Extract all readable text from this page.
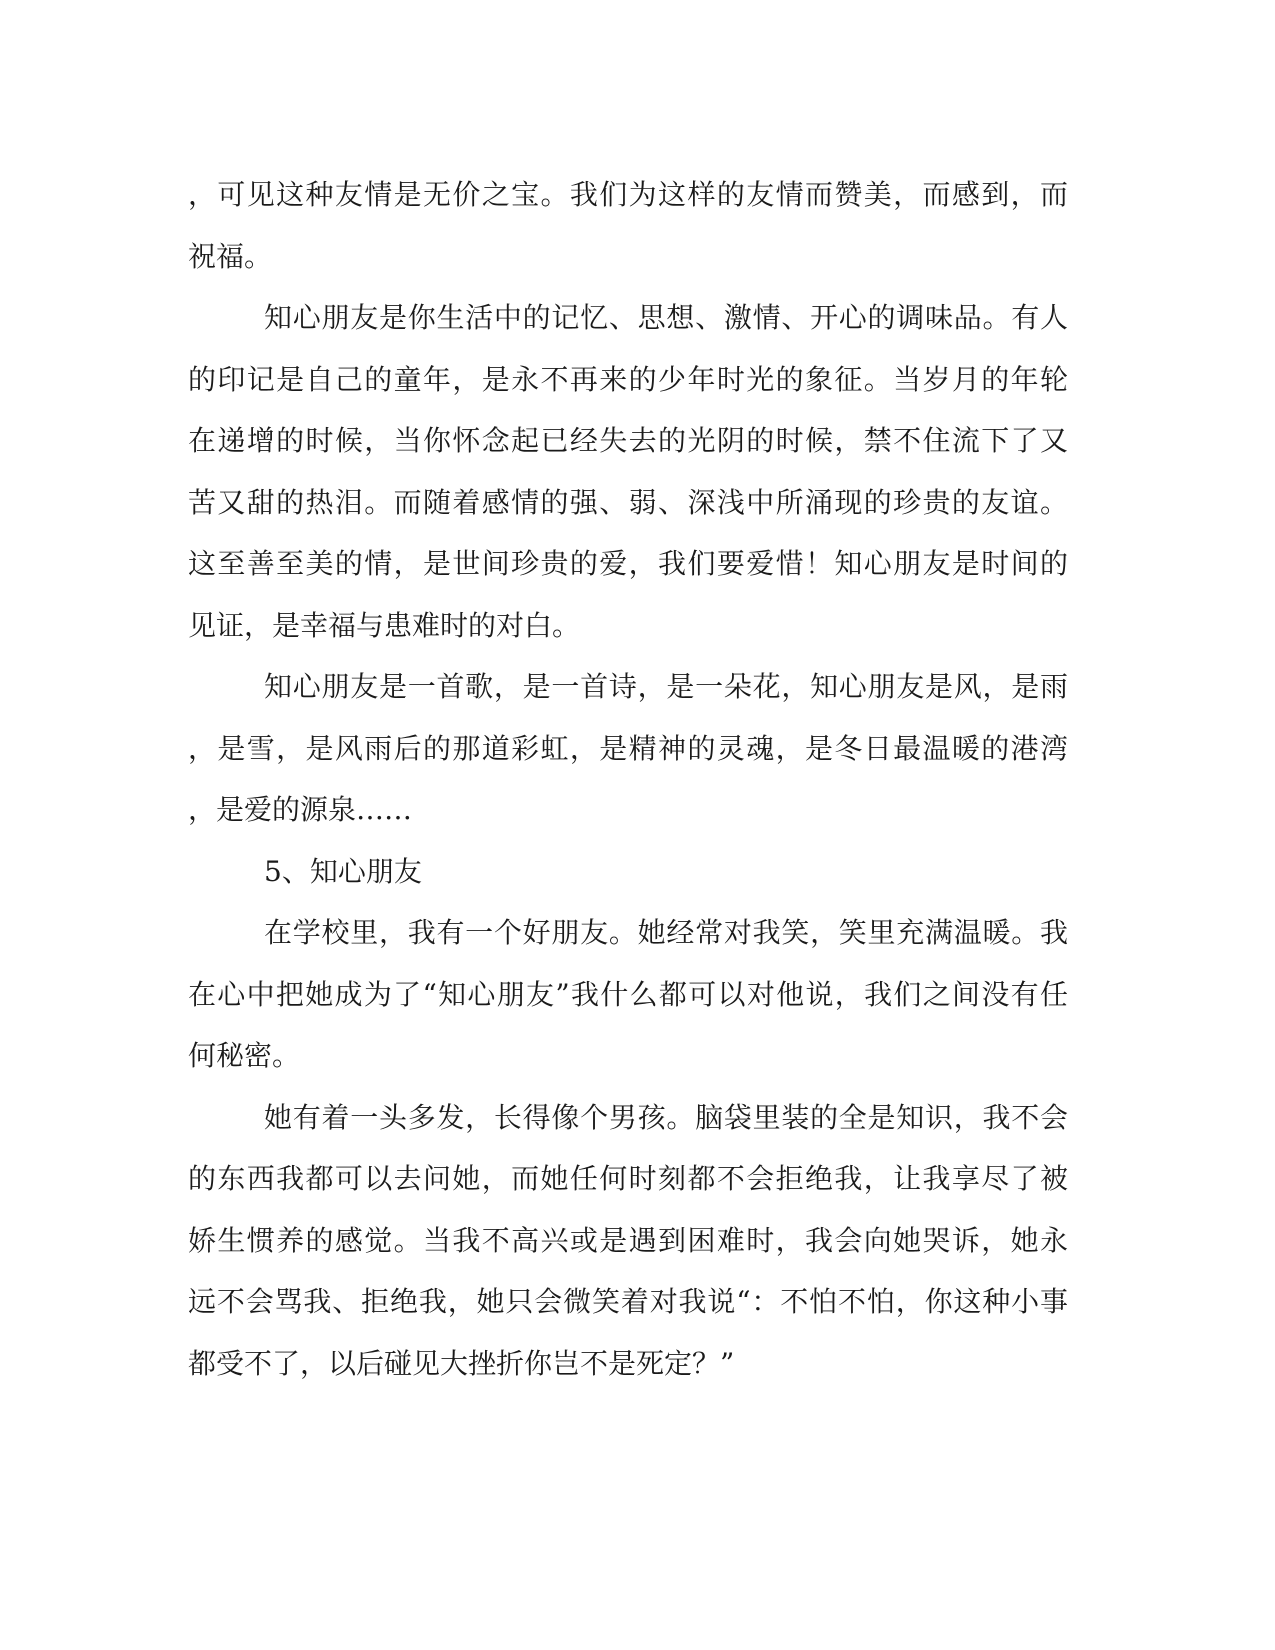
，可见这种友情是无价之宝。我们为这样的友情而赞美，而感到，而
祝福。
知心朋友是你生活中的记忆、思想、激情、开心的调味品。有人
的印记是自己的童年，是永不再来的少年时光的象征。当岁月的年轮
在递增的时候，当你怀念起已经失去的光阴的时候，禁不住流下了又
苦又甜的热泪。而随着感情的强、弱、深浅中所涌现的珍贵的友谊。
这至善至美的情，是世间珍贵的爱，我们要爱惜！知心朋友是时间的
见证，是幸福与患难时的对白。
知心朋友是一首歌，是一首诗，是一朵花，知心朋友是风，是雨
，是雪，是风雨后的那道彩虹，是精神的灵魂，是冬日最温暖的港湾
，是爱的源泉……
5、知心朋友
在学校里，我有一个好朋友。她经常对我笑，笑里充满温暖。我
在心中把她成为了“知心朋友”我什么都可以对他说，我们之间没有任
何秘密。
她有着一头多发，长得像个男孩。脑袋里装的全是知识，我不会
的东西我都可以去问她，而她任何时刻都不会拒绝我，让我享尽了被
娇生惯养的感觉。当我不高兴或是遇到困难时，我会向她哭诉，她永
远不会骂我、拒绝我，她只会微笑着对我说“：不怕不怕，你这种小事
都受不了，以后碰见大挫折你岂不是死定？”
